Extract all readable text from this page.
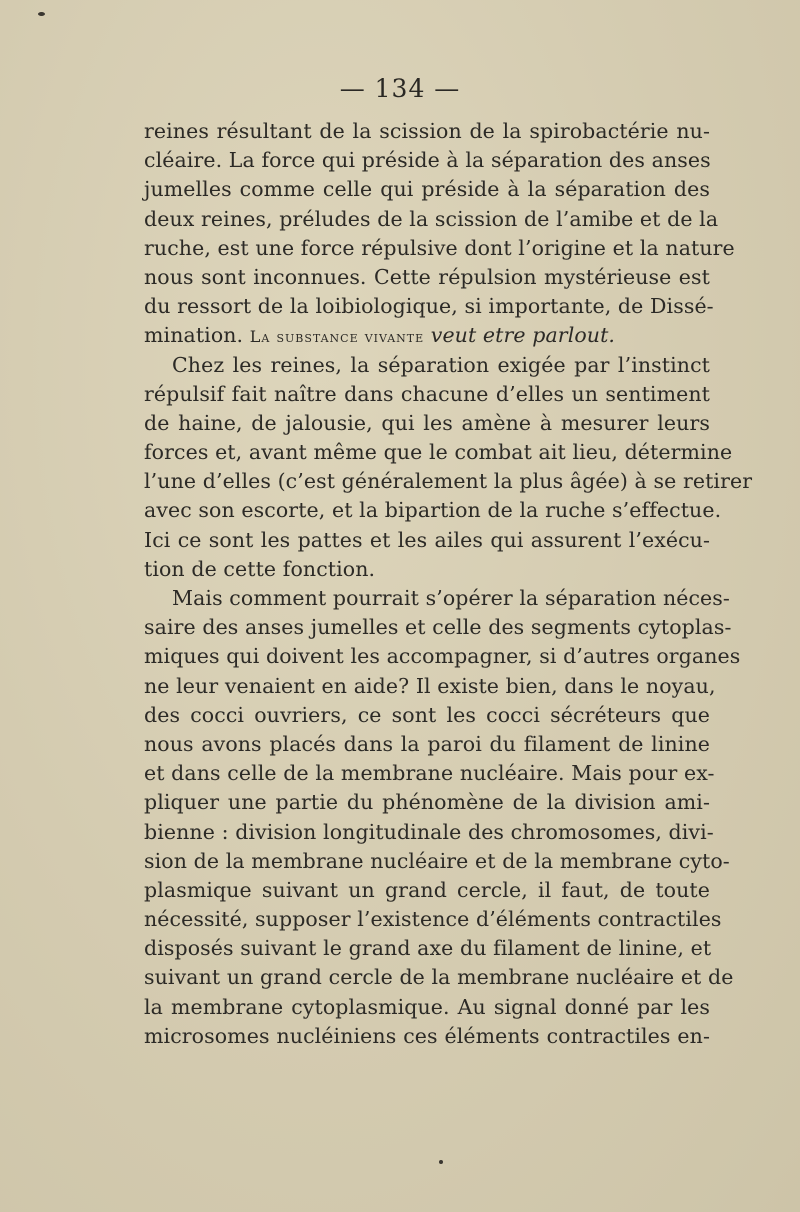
— 134 —
reines résultant de la scission de la spirobactérie nu-
cléaire. La force qui préside à la séparation des anses
jumelles comme celle qui préside à la séparation des
deux reines, préludes de la scission de l’amibe et de la
ruche, est une force répulsive dont l’origine et la nature
nous sont inconnues. Cette répulsion mystérieuse est
du ressort de la loibiologique, si importante, de Dissé-
mination. La substance vivante veut etre parlout.
Chez les reines, la séparation exigée par l’instinct
répulsif fait naître dans chacune d’elles un sentiment
de haine, de jalousie, qui les amène à mesurer leurs
forces et, avant même que le combat ait lieu, détermine
l’une d’elles (c’est généralement la plus âgée) à se retirer
avec son escorte, et la bipartion de la ruche s’effectue.
Ici ce sont les pattes et les ailes qui assurent l’exécu-
tion de cette fonction.
Mais comment pourrait s’opérer la séparation néces-
saire des anses jumelles et celle des segments cytoplas-
miques qui doivent les accompagner, si d’autres organes
ne leur venaient en aide? Il existe bien, dans le noyau,
des cocci ouvriers, ce sont les cocci sécréteurs que
nous avons placés dans la paroi du filament de linine
et dans celle de la membrane nucléaire. Mais pour ex-
pliquer une partie du phénomène de la division ami-
bienne : division longitudinale des chromosomes, divi-
sion de la membrane nucléaire et de la membrane cyto-
plasmique suivant un grand cercle, il faut, de toute
nécessité, supposer l’existence d’éléments contractiles
disposés suivant le grand axe du filament de linine, et
suivant un grand cercle de la membrane nucléaire et de
la membrane cytoplasmique. Au signal donné par les
microsomes nucléiniens ces éléments contractiles en-
